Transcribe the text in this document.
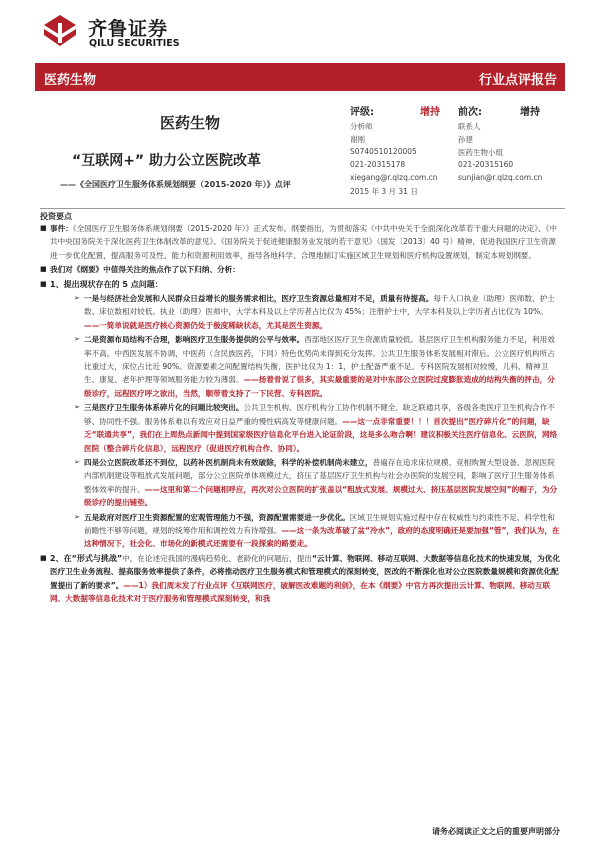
齐鲁证券
QILU SECURITIES
医药生物	行业点评报告
医药生物
“互联网+” 助力公立医院改革
——《全国医疗卫生服务体系规划纲要（2015-2020 年）》点评
评级:	增持 前次:	增持
分析师	联系人
谢刚	孙建
S0740510120005	医药生物小组
021-20315178	021-20315160
xiegang@r.qlzq.com.cn	sunjian@r.qlzq.com.cn
2015 年 3 月 31 日
投资要点
■ 事件：《全国医疗卫生服务体系规划纲要（2015-2020 年）》正式发布。纲要指出，为贯彻落实《中共中央关于全面深化改革若干重大问题的决定》、《中共中央国务院关于深化医药卫生体制改革的意见》、《国务院关于促进健康服务业发展的若干意见》（国发〔2013〕40 号）精神，促进我国医疗卫生资源进一步优化配置，提高服务可及性、能力和资源利用效率，指导各地科学、合理地制订实施区域卫生规划和医疗机构设置规划，制定本规划纲要。
■ 我们对《纲要》中值得关注的焦点作了以下归纳、分析：
■ 1、提出现状存在的 5 点问题：
➢ 一是与经济社会发展和人民群众日益增长的服务需求相比，医疗卫生资源总量相对不足，质量有待提高。每千人口执业（助理）医师数、护士数、床位数相对较低。执业（助理）医师中，大学本科及以上学历者占比仅为 45%；注册护士中，大学本科及以上学历者占比仅为 10%。——一简单说就是医疗核心资源仍处于极度稀缺状态，尤其是医生资源。
➢ 二是资源布局结构不合理，影响医疗卫生服务提供的公平与效率。西部地区医疗卫生资源质量较低。基层医疗卫生机构服务能力不足，利用效率不高。中西医发展不协调，中医药（含民族医药，下同）特色优势尚未得到充分发挥。公共卫生服务体系发展相对滞后。公立医疗机构所占比重过大，床位占比近 90%。资源要素之间配置结构失衡，医护比仅为 1：1，护士配备严重不足。专科医院发展相对较慢，儿科、精神卫生、康复、老年护理等领域服务能力较为薄弱。——扬着骨说了很多，其实最重要的是对中东部公立医院过度膨胀造成的结构失衡的抨击，分级诊疗，远程医疗呼之欲出，当然，顺带着支持了一下民营、专科医院。
➢ 三是医疗卫生服务体系碎片化的问题比较突出。公共卫生机构、医疗机构分工协作机制不健全、缺乏联通共享，各级各类医疗卫生机构合作不够、协同性不强。服务体系难以有效应对日益严重的慢性病高发等健康问题。——这一点非常重要！！！首次提出“医疗碎片化”的问题，缺乏“联通共享”，我们在上周热点新闻中提到国家级医疗信息化平台进入论证阶段，这是多么吻合啊！建议积极关注医疗信息化、云医院，网络医院（整合碎片化信息），远程医疗（促进医疗机构合作、协同）。
➢ 四是公立医院改革还不到位，以药补医机制尚未有效破除，科学的补偿机制尚未建立，普遍存在追求床位规模、竞相购置大型设备、忽视医院内部机制建设等粗放式发展问题，部分公立医院单体规模过大，挤压了基层医疗卫生机构与社会办医院的发展空间，影响了医疗卫生服务体系整体效率的提升。——这里和第二个问题相呼应，再次对公立医院的扩张盖以“粗放式发展、规模过大、挤压基层医院发展空间”的帽子，为分级诊疗的提出铺垫。
➢ 五是政府对医疗卫生资源配置的宏观管理能力不强，资源配置需要进一步优化。区域卫生规划实施过程中存在权威性与约束性不足、科学性和前瞻性不够等问题，规划的统筹作用和调控效力有待增强。——这一条为改革破了盆“冷水”，政府的态度明确还是要加强“管”，我们认为，在这种情况下，社会化、市场化的新模式还需要有一段探索的路要走。
■ 2、在“形式与挑战”中，在论述完我国的漫病趋势化、老龄化的问题后，提出“云计算、物联网、移动互联网、大数据等信息化技术的快速发展，为优化医疗卫生业务流程、提高服务效率提供了条件，必将推动医疗卫生服务模式和管理模式的深刻转变，医改的不断深化也对公立医院数量规模和资源优化配置提出了新的要求”。——1）我们周末发了行业点评《互联网医疗，破解医改难题的利剑》，在本《纲要》中官方再次提出云计算、物联网、移动互联网、大数据等信息化技术对于医疗服务和管理模式深刻转变，和我
请务必阅读正文之后的重要声明部分
